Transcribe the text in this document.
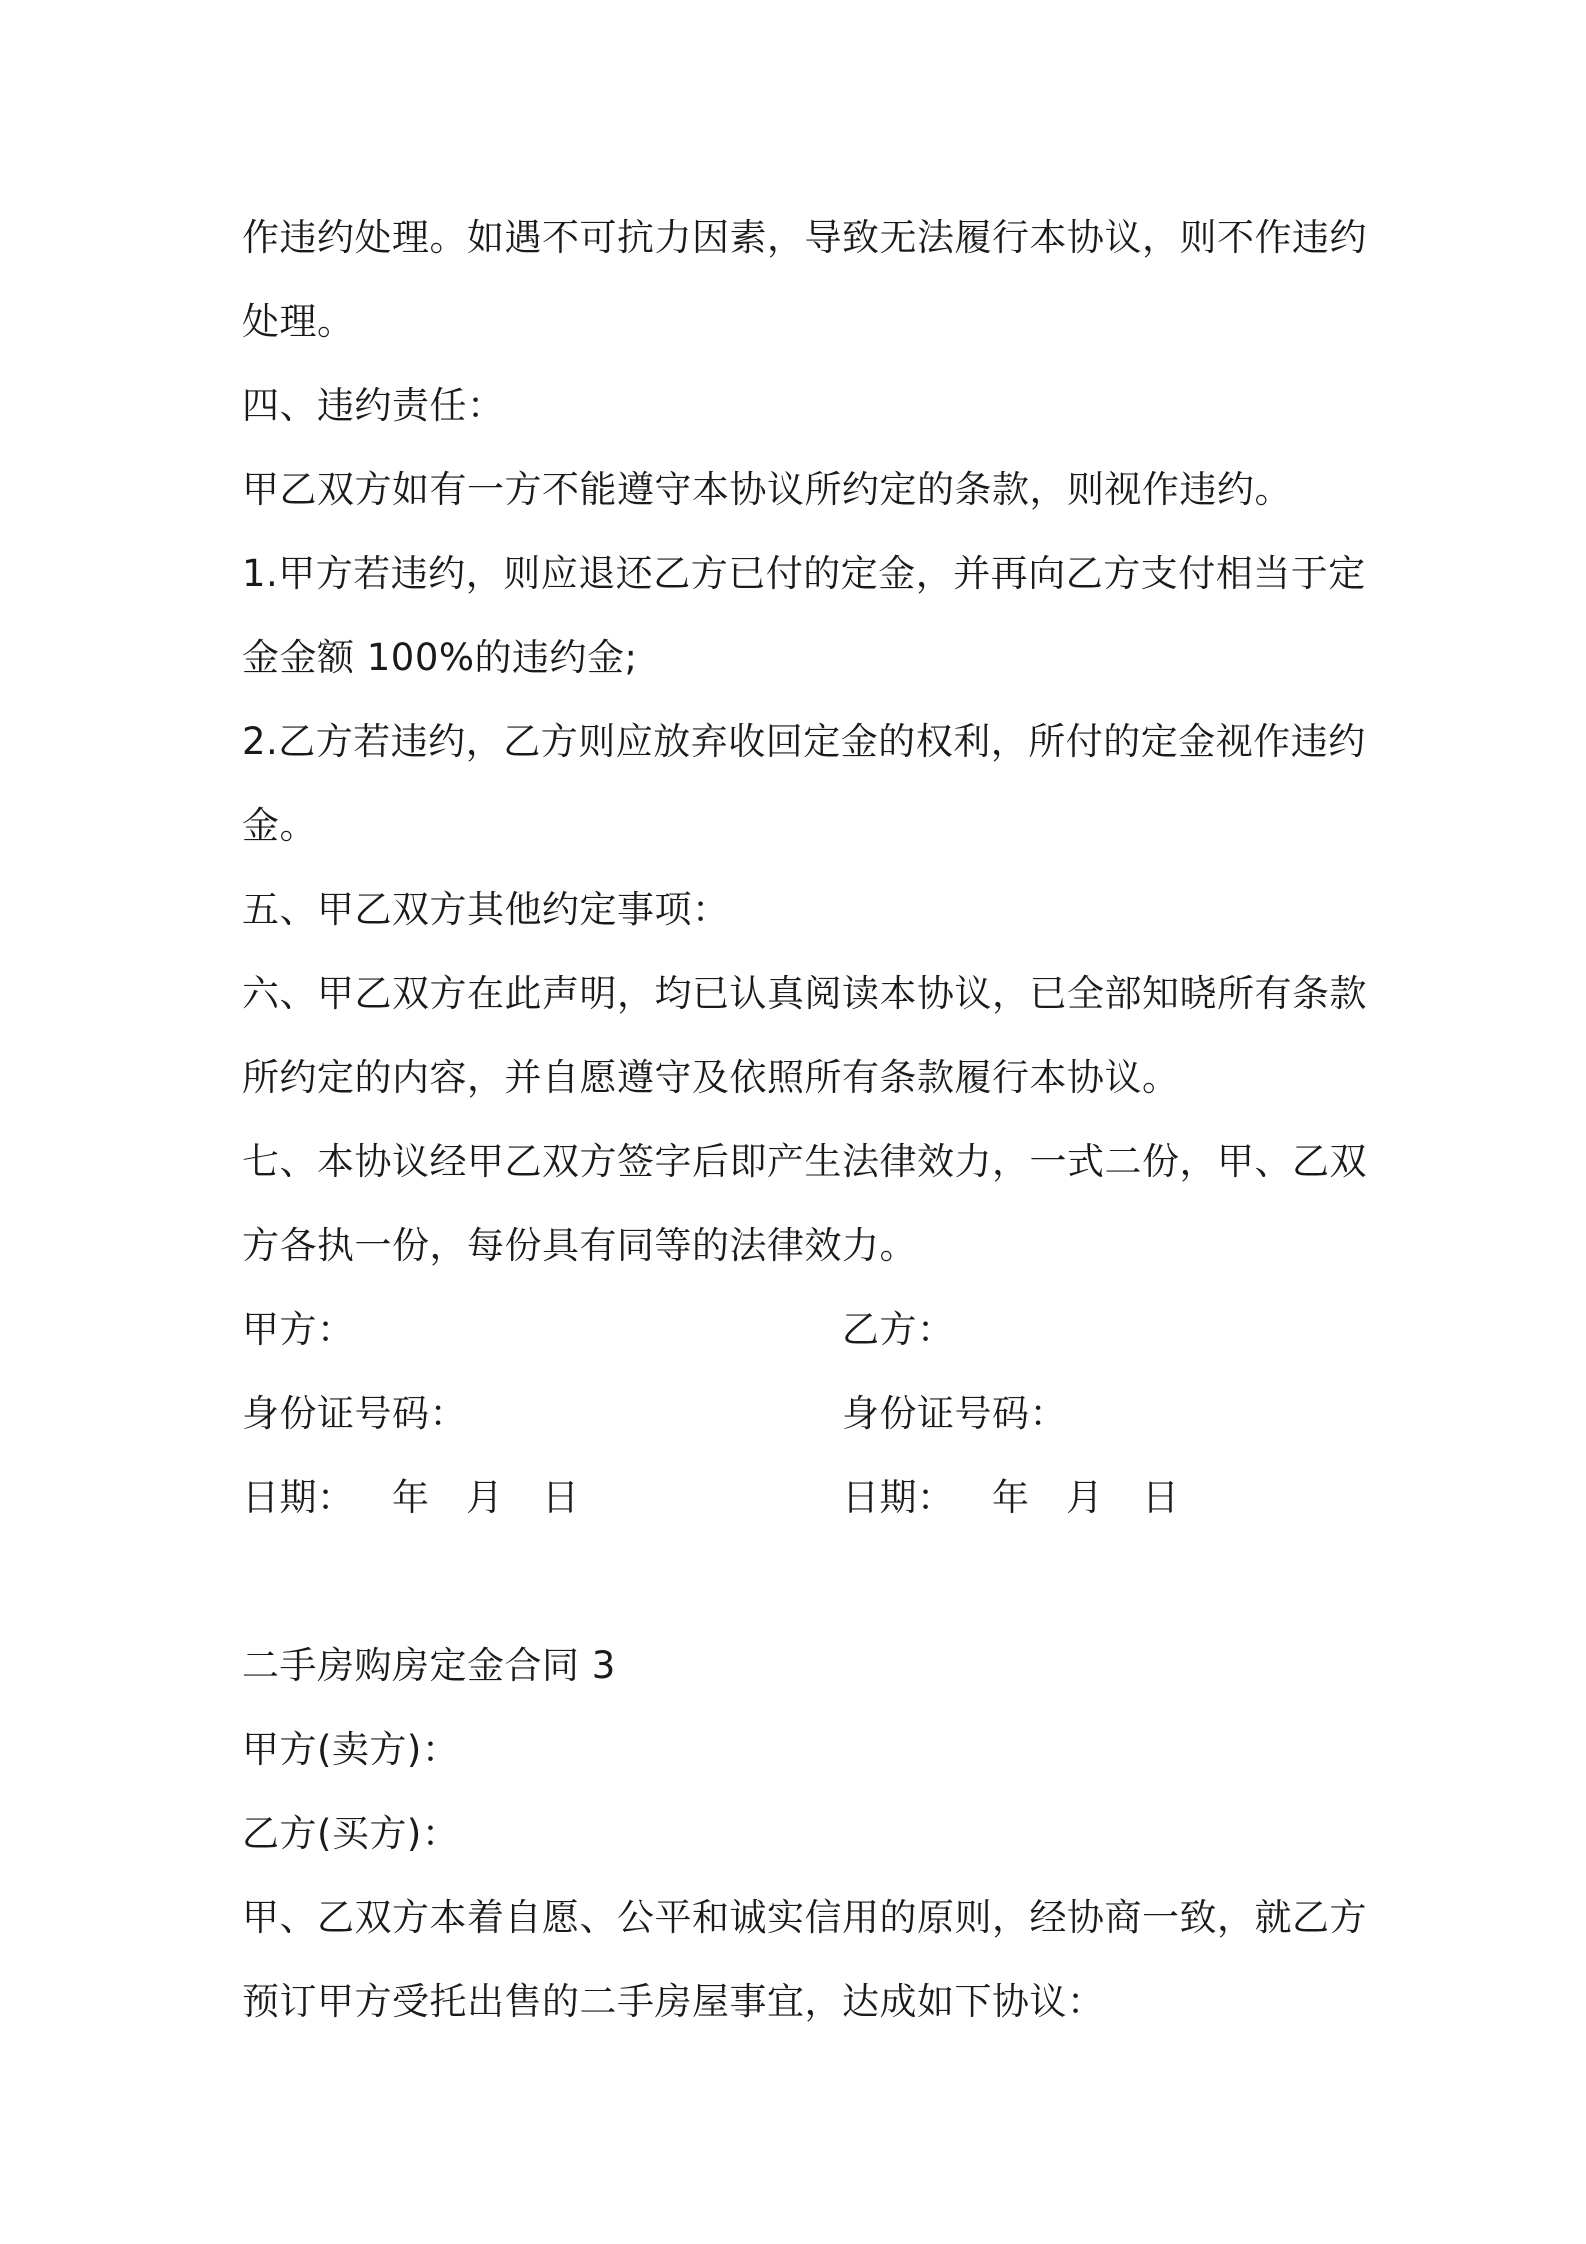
作违约处理。如遇不可抗力因素，导致无法履行本协议，则不作违约
处理。
四、违约责任：
甲乙双方如有一方不能遵守本协议所约定的条款，则视作违约。
1.甲方若违约，则应退还乙方已付的定金，并再向乙方支付相当于定
金金额 100%的违约金;
2.乙方若违约，乙方则应放弃收回定金的权利，所付的定金视作违约
金。
五、甲乙双方其他约定事项：
六、甲乙双方在此声明，均已认真阅读本协议，已全部知晓所有条款
所约定的内容，并自愿遵守及依照所有条款履行本协议。
七、本协议经甲乙双方签字后即产生法律效力，一式二份，甲、乙双
方各执一份，每份具有同等的法律效力。
甲方：	乙方：
身份证号码：	身份证号码：
日期： 年 月 日	日期： 年 月 日
二手房购房定金合同 3
甲方(卖方)：
乙方(买方)：
甲、乙双方本着自愿、公平和诚实信用的原则，经协商一致，就乙方
预订甲方受托出售的二手房屋事宜，达成如下协议：
